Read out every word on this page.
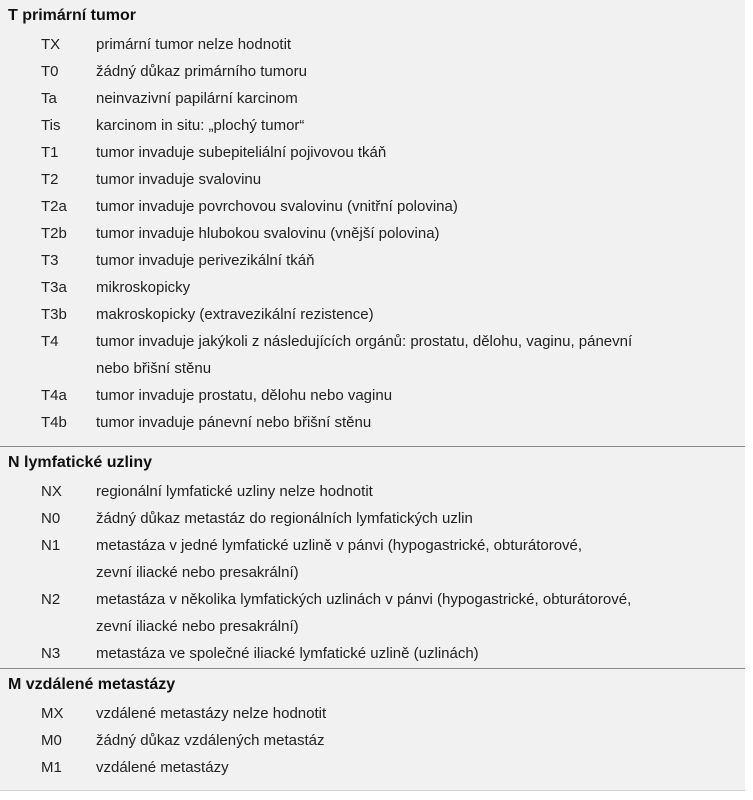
T primární tumor
TX primární tumor nelze hodnotit
T0 žádný důkaz primárního tumoru
Ta	neinvazivní papilární karcinom
Tis karcinom in situ: „plochý tumor“
T1 tumor invaduje subepiteliální pojivovou tkáň
T2 tumor invaduje svalovinu
T2a tumor invaduje povrchovou svalovinu (vnitřní polovina)
T2b tumor invaduje hlubokou svalovinu (vnější polovina)
T3 tumor invaduje perivezikální tkáň
T3a mikroskopicky
T3b makroskopicky (extravezikální rezistence)
T4 tumor invaduje jakýkoli z následujících orgánů: prostatu, dělohu, vaginu, pánevní
nebo břišní stěnu
T4a tumor invaduje prostatu, dělohu nebo vaginu
T4b tumor invaduje pánevní nebo břišní stěnu
N lymfatické uzliny
NX regionální lymfatické uzliny nelze hodnotit
N0 žádný důkaz metastáz do regionálních lymfatických uzlin
N1 metastáza v jedné lymfatické uzlině v pánvi (hypogastrické, obturátorové,
zevní iliacké nebo presakrální)
N2 metastáza v několika lymfatických uzlinách v pánvi (hypogastrické, obturátorové,
zevní iliacké nebo presakrální)
N3 metastáza ve společné iliacké lymfatické uzlině (uzlinách)
M vzdálené metastázy
MX vzdálené metastázy nelze hodnotit
M0 žádný důkaz vzdálených metastáz
M1 vzdálené metastázy
